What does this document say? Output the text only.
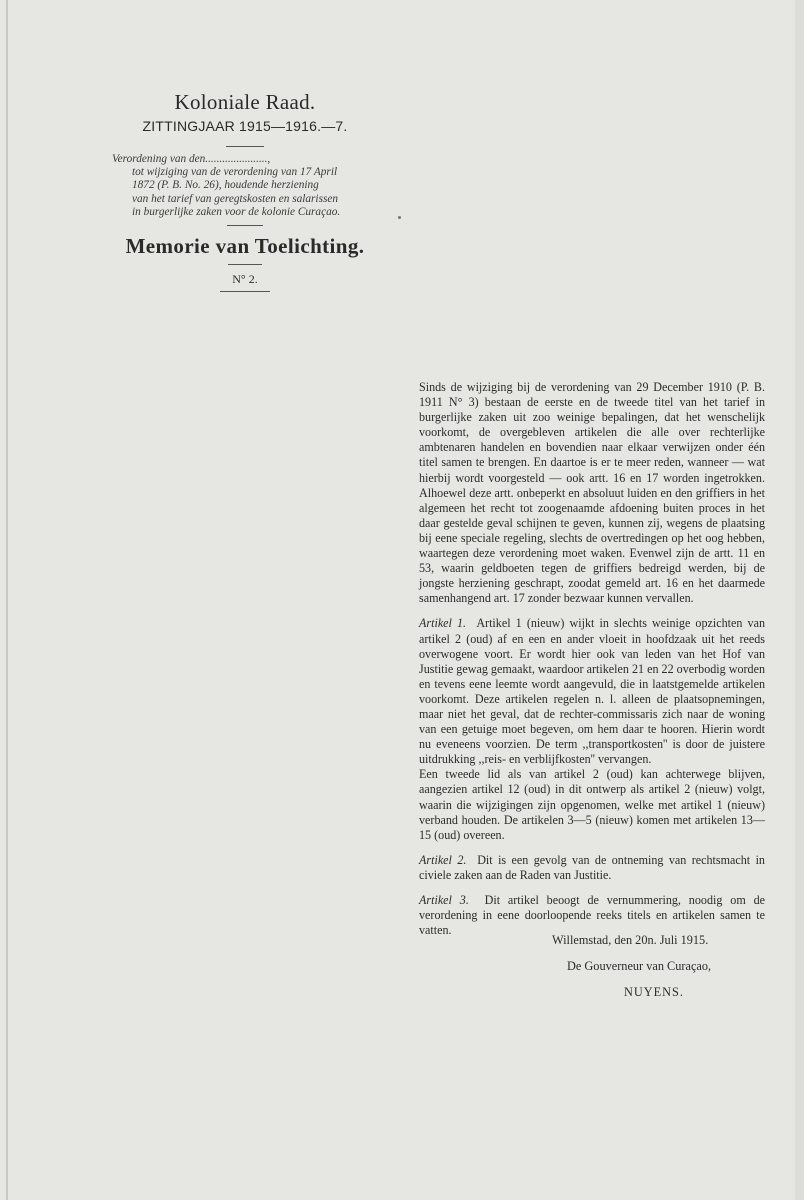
Koloniale Raad.
ZITTINGJAAR 1915—1916.—7.
Verordening van den......................,
tot wijziging van de verordening van 17 April
1872 (P. B. No. 26), houdende herziening
van het tarief van geregtskosten en salarissen
in burgerlijke zaken voor de kolonie Curaçao.
Memorie van Toelichting.
N° 2.

Sinds de wijziging bij de verordening van 29 December 1910 (P. B. 1911 N° 3) bestaan de eerste en de tweede titel van het tarief in burgerlijke zaken uit zoo weinige bepalingen, dat het wenschelijk voorkomt, de overgebleven artikelen die alle over rechterlijke ambtenaren handelen en bovendien naar elkaar verwijzen onder één titel samen te brengen. En daartoe is er te meer reden, wanneer — wat hierbij wordt voorgesteld — ook artt. 16 en 17 worden ingetrokken. Alhoewel deze artt. onbeperkt en absoluut luiden en den griffiers in het algemeen het recht tot zoogenaamde afdoening buiten proces in het daar gestelde geval schijnen te geven, kunnen zij, wegens de plaatsing bij eene speciale regeling, slechts de overtredingen op het oog hebben, waartegen deze verordening moet waken. Evenwel zijn de artt. 11 en 53, waarin geldboeten tegen de griffiers bedreigd werden, bij de jongste herziening geschrapt, zoodat gemeld art. 16 en het daarmede samenhangend art. 17 zonder bezwaar kunnen vervallen.

Artikel 1. Artikel 1 (nieuw) wijkt in slechts weinige opzichten van artikel 2 (oud) af en een en ander vloeit in hoofdzaak uit het reeds overwogene voort. Er wordt hier ook van leden van het Hof van Justitie gewag gemaakt, waardoor artikelen 21 en 22 overbodig worden en tevens eene leemte wordt aangevuld, die in laatstgemelde artikelen voorkomt. Deze artikelen regelen n. l. alleen de plaatsopnemingen, maar niet het geval, dat de rechter-commissaris zich naar de woning van een getuige moet begeven, om hem daar te hooren. Hierin wordt nu eveneens voorzien. De term ,,transportkosten'' is door de juistere uitdrukking ,,reis- en verblijfkosten'' vervangen.

Een tweede lid als van artikel 2 (oud) kan achterwege blijven, aangezien artikel 12 (oud) in dit ontwerp als artikel 2 (nieuw) volgt, waarin die wijzigingen zijn opgenomen, welke met artikel 1 (nieuw) verband houden. De artikelen 3—5 (nieuw) komen met artikelen 13—15 (oud) overeen.

Artikel 2. Dit is een gevolg van de ontneming van rechtsmacht in civiele zaken aan de Raden van Justitie.

Artikel 3. Dit artikel beoogt de vernummering, noodig om de verordening in eene doorloopende reeks titels en artikelen samen te vatten.

Willemstad, den 20n. Juli 1915.
De Gouverneur van Curaçao,
NUYENS.
